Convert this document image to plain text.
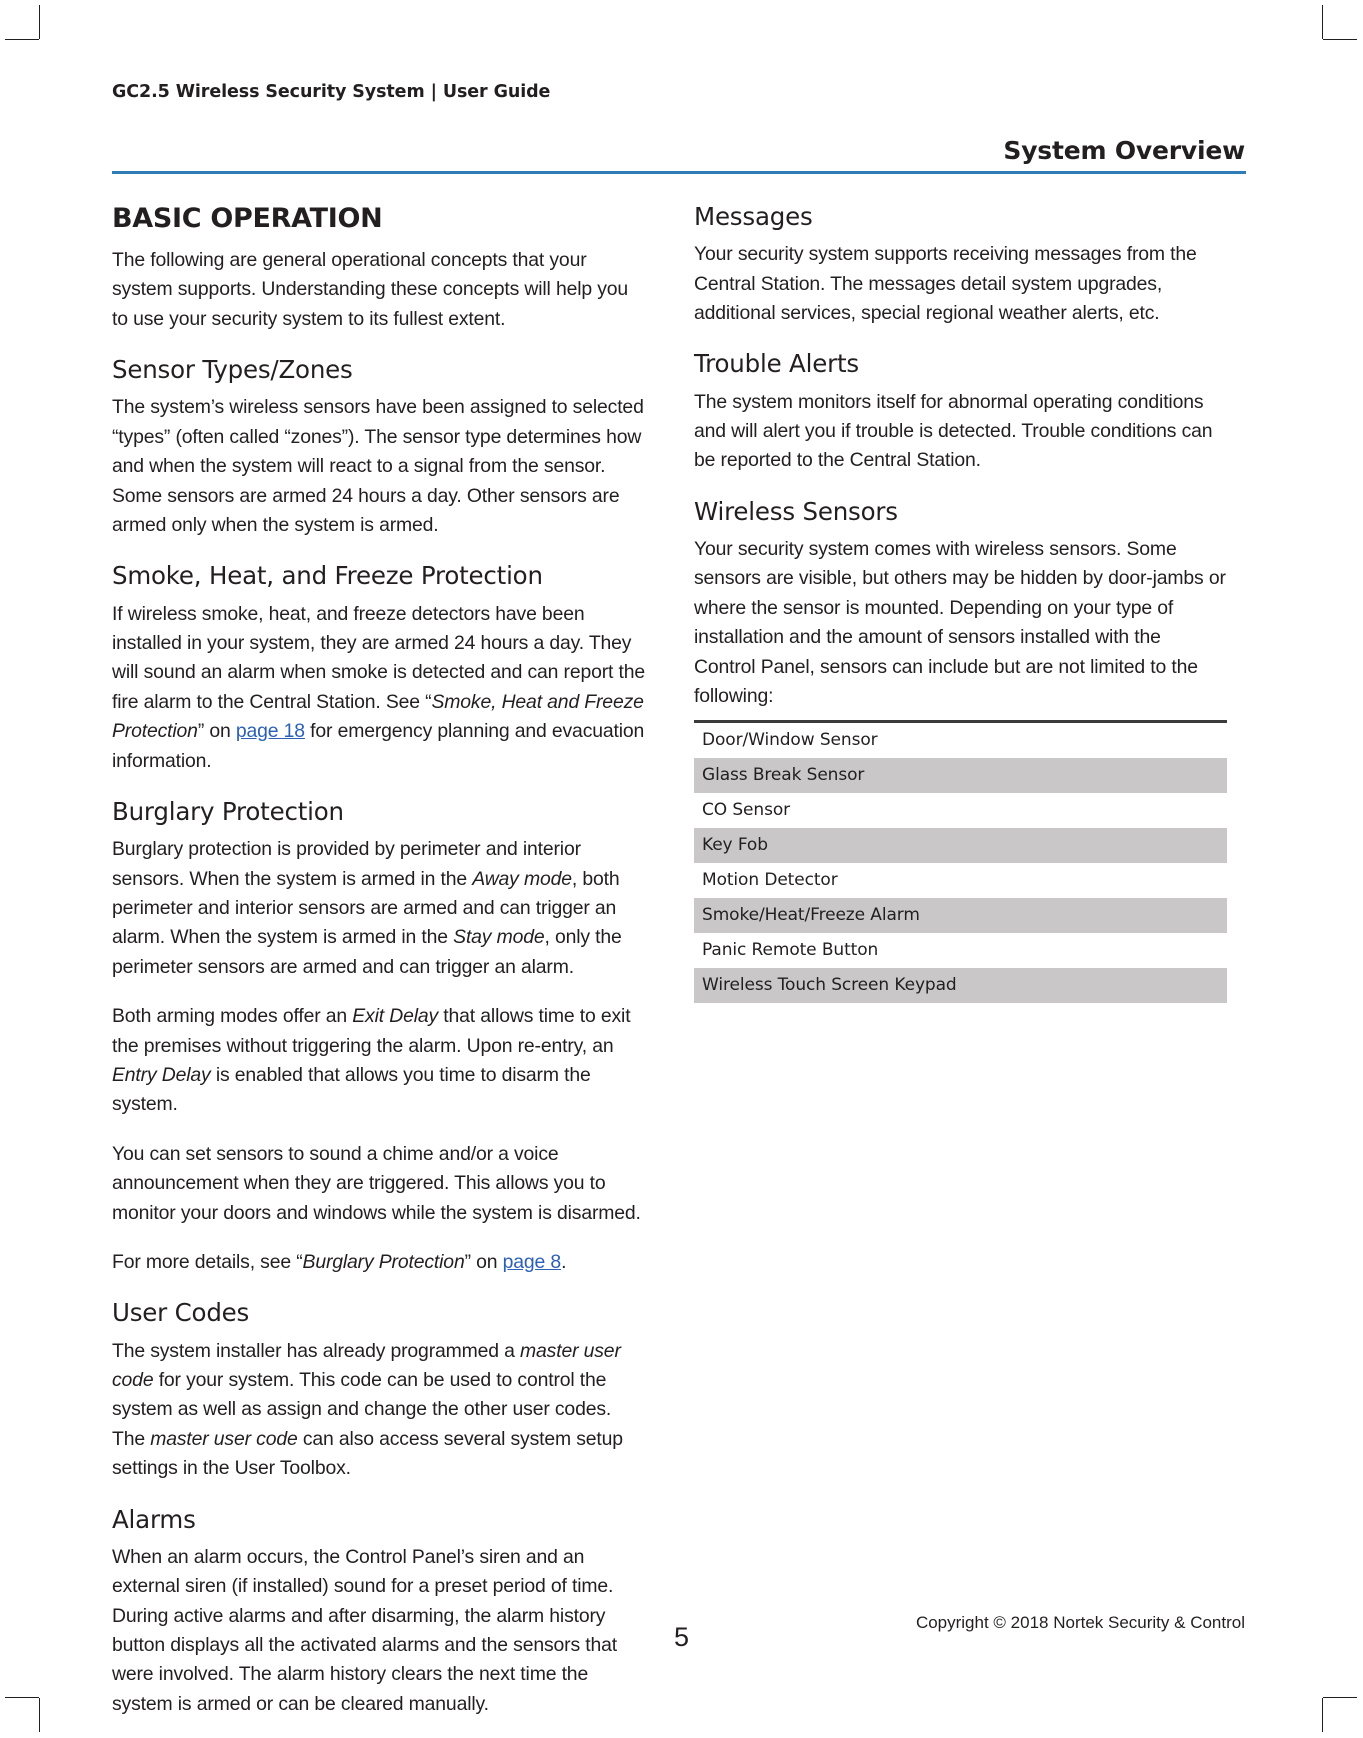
GC2.5 Wireless Security System | User Guide
System Overview
BASIC OPERATION

The following are general operational concepts that your system supports. Understanding these concepts will help you to use your security system to its fullest extent.

Sensor Types/Zones

The system’s wireless sensors have been assigned to selected “types” (often called “zones”). The sensor type determines how and when the system will react to a signal from the sensor. Some sensors are armed 24 hours a day. Other sensors are armed only when the system is armed.

Smoke, Heat, and Freeze Protection

If wireless smoke, heat, and freeze detectors have been installed in your system, they are armed 24 hours a day. They will sound an alarm when smoke is detected and can report the fire alarm to the Central Station. See “Smoke, Heat and Freeze Protection” on page 18 for emergency planning and evacuation information.

Burglary Protection

Burglary protection is provided by perimeter and interior sensors. When the system is armed in the Away mode, both perimeter and interior sensors are armed and can trigger an alarm. When the system is armed in the Stay mode, only the perimeter sensors are armed and can trigger an alarm.

Both arming modes offer an Exit Delay that allows time to exit the premises without triggering the alarm. Upon re-entry, an Entry Delay is enabled that allows you time to disarm the system.

You can set sensors to sound a chime and/or a voice announcement when they are triggered. This allows you to monitor your doors and windows while the system is disarmed.

For more details, see “Burglary Protection” on page 8.

User Codes

The system installer has already programmed a master user code for your system. This code can be used to control the system as well as assign and change the other user codes. The master user code can also access several system setup settings in the User Toolbox.

Alarms

When an alarm occurs, the Control Panel’s siren and an external siren (if installed) sound for a preset period of time. During active alarms and after disarming, the alarm history button displays all the activated alarms and the sensors that were involved. The alarm history clears the next time the system is armed or can be cleared manually.

Messages

Your security system supports receiving messages from the Central Station. The messages detail system upgrades, additional services, special regional weather alerts, etc.

Trouble Alerts

The system monitors itself for abnormal operating conditions and will alert you if trouble is detected. Trouble conditions can be reported to the Central Station.

Wireless Sensors

Your security system comes with wireless sensors. Some sensors are visible, but others may be hidden by door-jambs or where the sensor is mounted. Depending on your type of installation and the amount of sensors installed with the Control Panel, sensors can include but are not limited to the following:

Door/Window Sensor
Glass Break Sensor
CO Sensor
Key Fob
Motion Detector
Smoke/Heat/Freeze Alarm
Panic Remote Button
Wireless Touch Screen Keypad
5	Copyright © 2018 Nortek Security & Control
